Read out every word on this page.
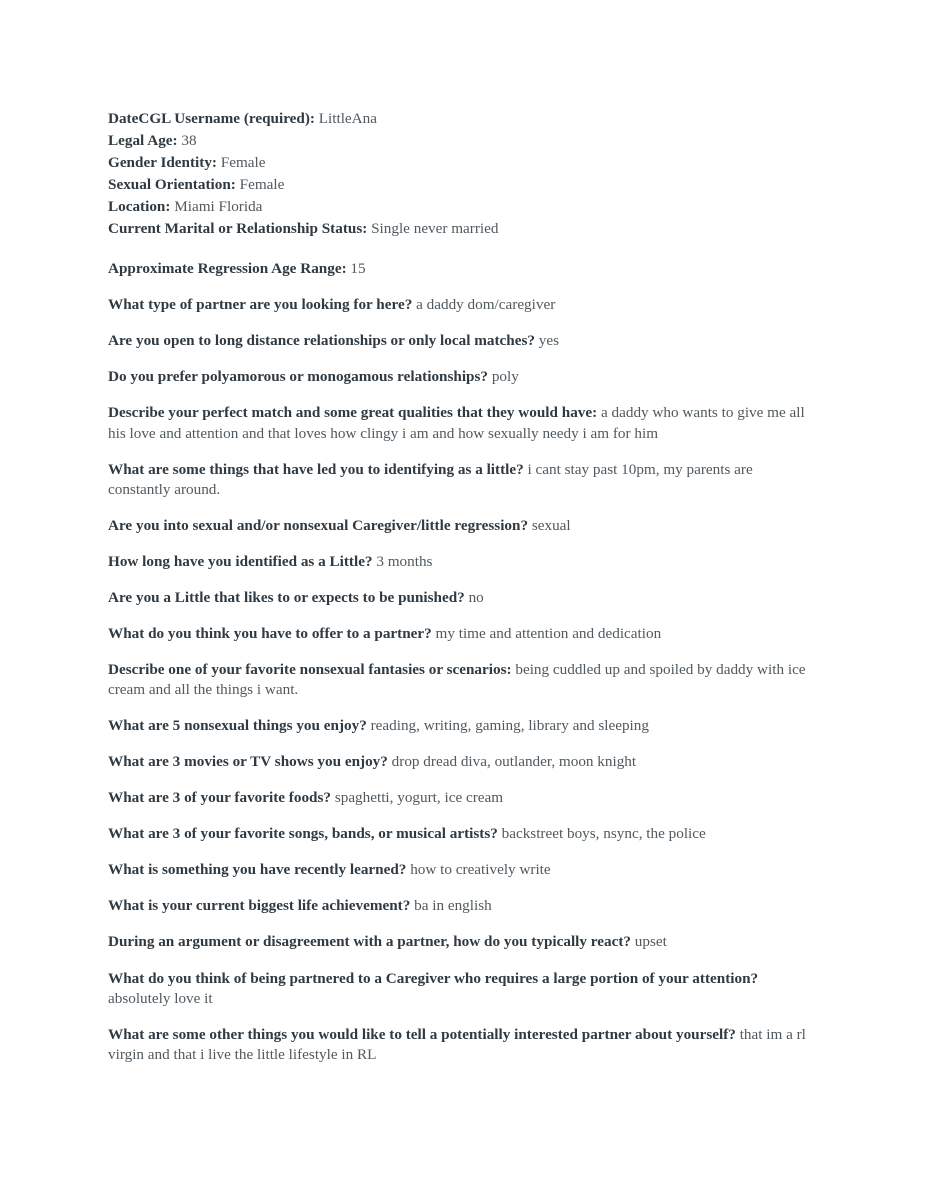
DateCGL Username (required): LittleAna

Legal Age: 38

Gender Identity: Female

Sexual Orientation: Female

Location: Miami Florida

Current Marital or Relationship Status: Single never married

Approximate Regression Age Range: 15

What type of partner are you looking for here? a daddy dom/caregiver

Are you open to long distance relationships or only local matches? yes

Do you prefer polyamorous or monogamous relationships? poly

Describe your perfect match and some great qualities that they would have: a daddy who wants to give me all his love and attention and that loves how clingy i am and how sexually needy i am for him

What are some things that have led you to identifying as a little? i cant stay past 10pm, my parents are constantly around.

Are you into sexual and/or nonsexual Caregiver/little regression? sexual

How long have you identified as a Little? 3 months

Are you a Little that likes to or expects to be punished? no

What do you think you have to offer to a partner? my time and attention and dedication

Describe one of your favorite nonsexual fantasies or scenarios: being cuddled up and spoiled by daddy with ice cream and all the things i want.

What are 5 nonsexual things you enjoy? reading, writing, gaming, library and sleeping

What are 3 movies or TV shows you enjoy? drop dread diva, outlander, moon knight

What are 3 of your favorite foods? spaghetti, yogurt, ice cream

What are 3 of your favorite songs, bands, or musical artists? backstreet boys, nsync, the police

What is something you have recently learned? how to creatively write

What is your current biggest life achievement? ba in english

During an argument or disagreement with a partner, how do you typically react? upset

What do you think of being partnered to a Caregiver who requires a large portion of your attention? absolutely love it

What are some other things you would like to tell a potentially interested partner about yourself? that im a rl virgin and that i live the little lifestyle in RL
